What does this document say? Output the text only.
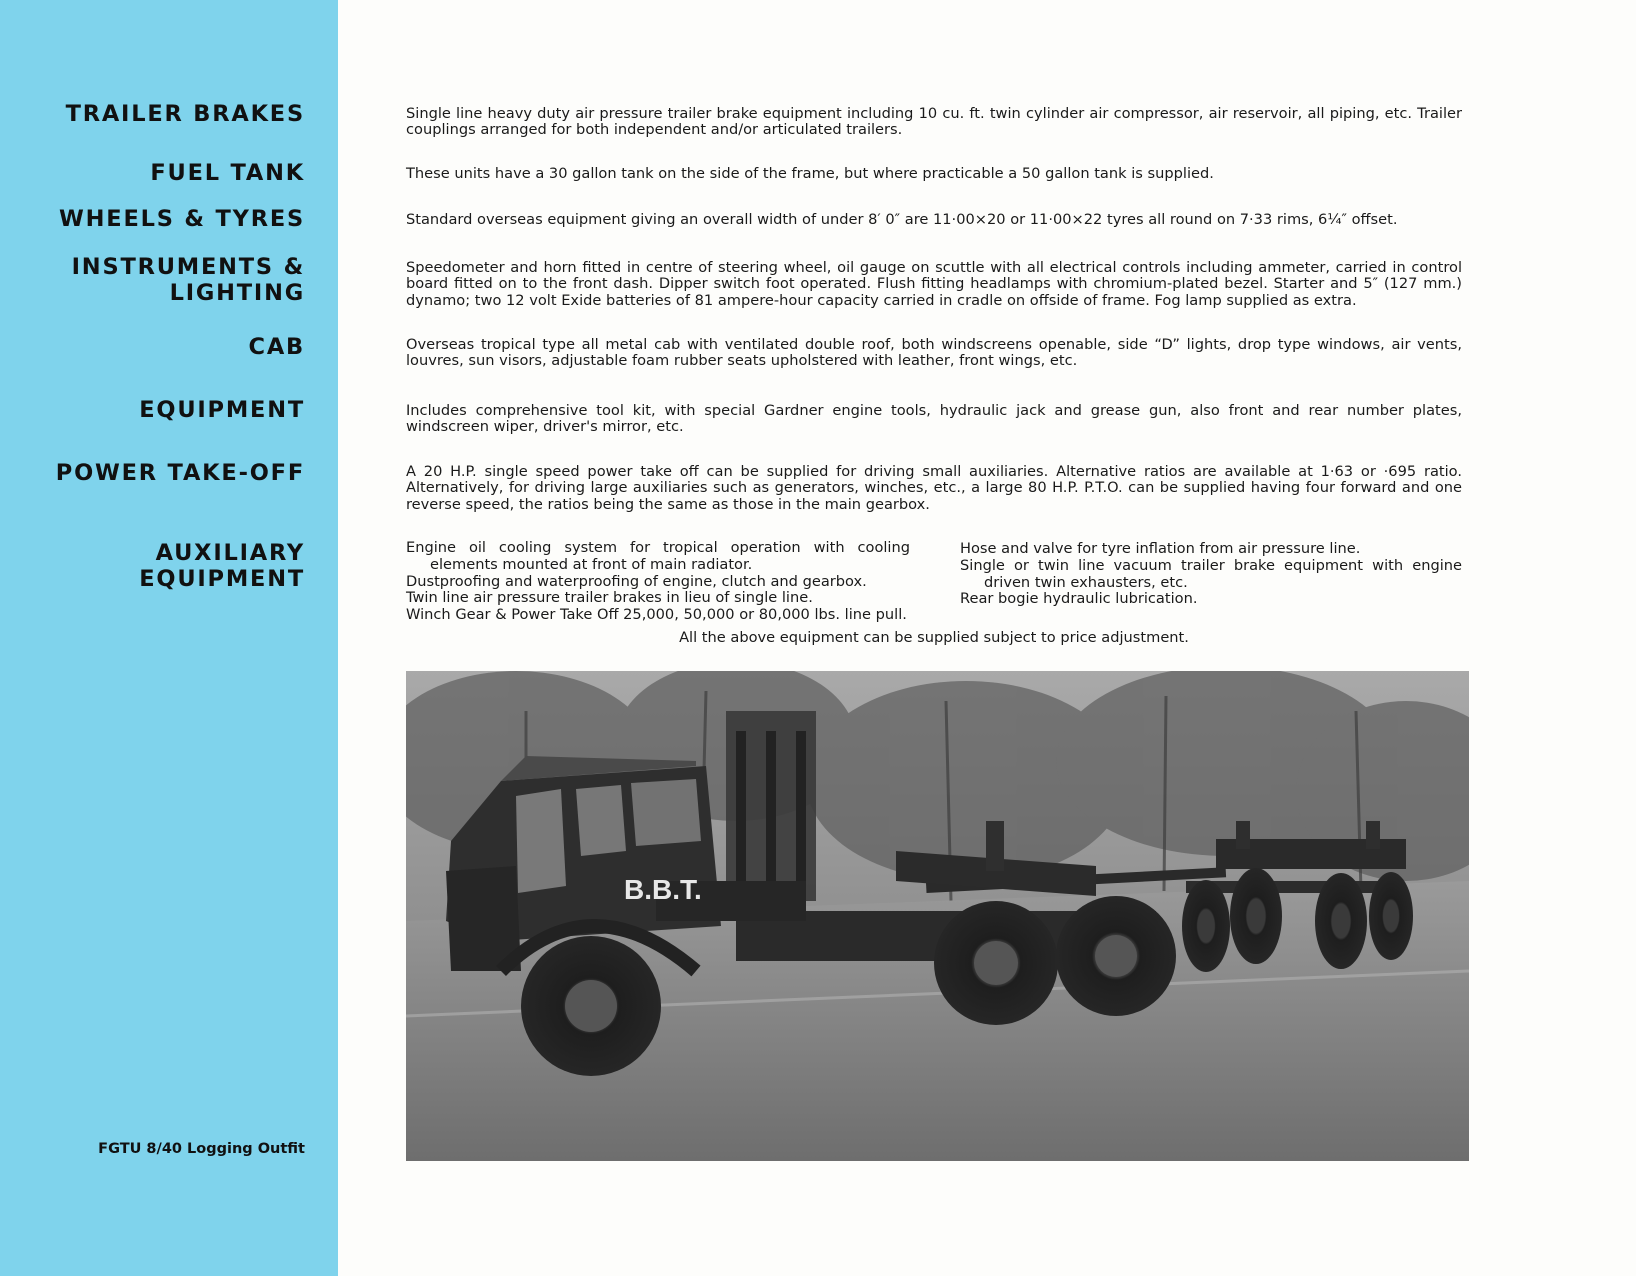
TRAILER BRAKES
FUEL TANK
WHEELS & TYRES
INSTRUMENTS &
LIGHTING
CAB
EQUIPMENT
POWER TAKE-OFF
AUXILIARY
EQUIPMENT
FGTU 8/40 Logging Outfit
Single line heavy duty air pressure trailer brake equipment including 10 cu. ft. twin cylinder air compressor, air reservoir, all piping, etc. Trailer couplings arranged for both independent and/or articulated trailers.
These units have a 30 gallon tank on the side of the frame, but where practicable a 50 gallon tank is supplied.
Standard overseas equipment giving an overall width of under 8′ 0″ are 11·00×20 or 11·00×22 tyres all round on 7·33 rims, 6¼″ offset.
Speedometer and horn fitted in centre of steering wheel, oil gauge on scuttle with all electrical controls including ammeter, carried in control board fitted on to the front dash. Dipper switch foot operated. Flush fitting headlamps with chromium-plated bezel. Starter and 5″ (127 mm.) dynamo; two 12 volt Exide batteries of 81 ampere-hour capacity carried in cradle on offside of frame. Fog lamp supplied as extra.
Overseas tropical type all metal cab with ventilated double roof, both windscreens openable, side “D” lights, drop type windows, air vents, louvres, sun visors, adjustable foam rubber seats upholstered with leather, front wings, etc.
Includes comprehensive tool kit, with special Gardner engine tools, hydraulic jack and grease gun, also front and rear number plates, windscreen wiper, driver's mirror, etc.
A 20 H.P. single speed power take off can be supplied for driving small auxiliaries. Alternative ratios are available at 1·63 or ·695 ratio. Alternatively, for driving large auxiliaries such as generators, winches, etc., a large 80 H.P. P.T.O. can be supplied having four forward and one reverse speed, the ratios being the same as those in the main gearbox.
Engine oil cooling system for tropical operation with cooling elements mounted at front of main radiator.
Dustproofing and waterproofing of engine, clutch and gearbox.
Twin line air pressure trailer brakes in lieu of single line.
Winch Gear & Power Take Off 25,000, 50,000 or 80,000 lbs. line pull.
Hose and valve for tyre inflation from air pressure line.
Single or twin line vacuum trailer brake equipment with engine driven twin exhausters, etc.
Rear bogie hydraulic lubrication.
All the above equipment can be supplied subject to price adjustment.
B.B.T.
